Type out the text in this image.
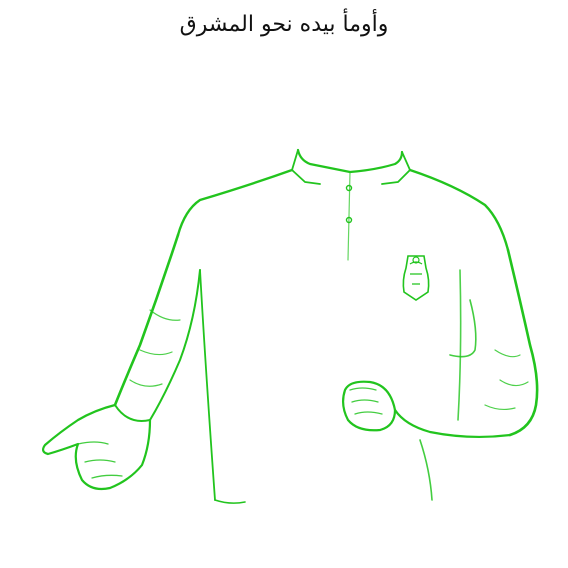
وأومأ بيده نحو المشرق
